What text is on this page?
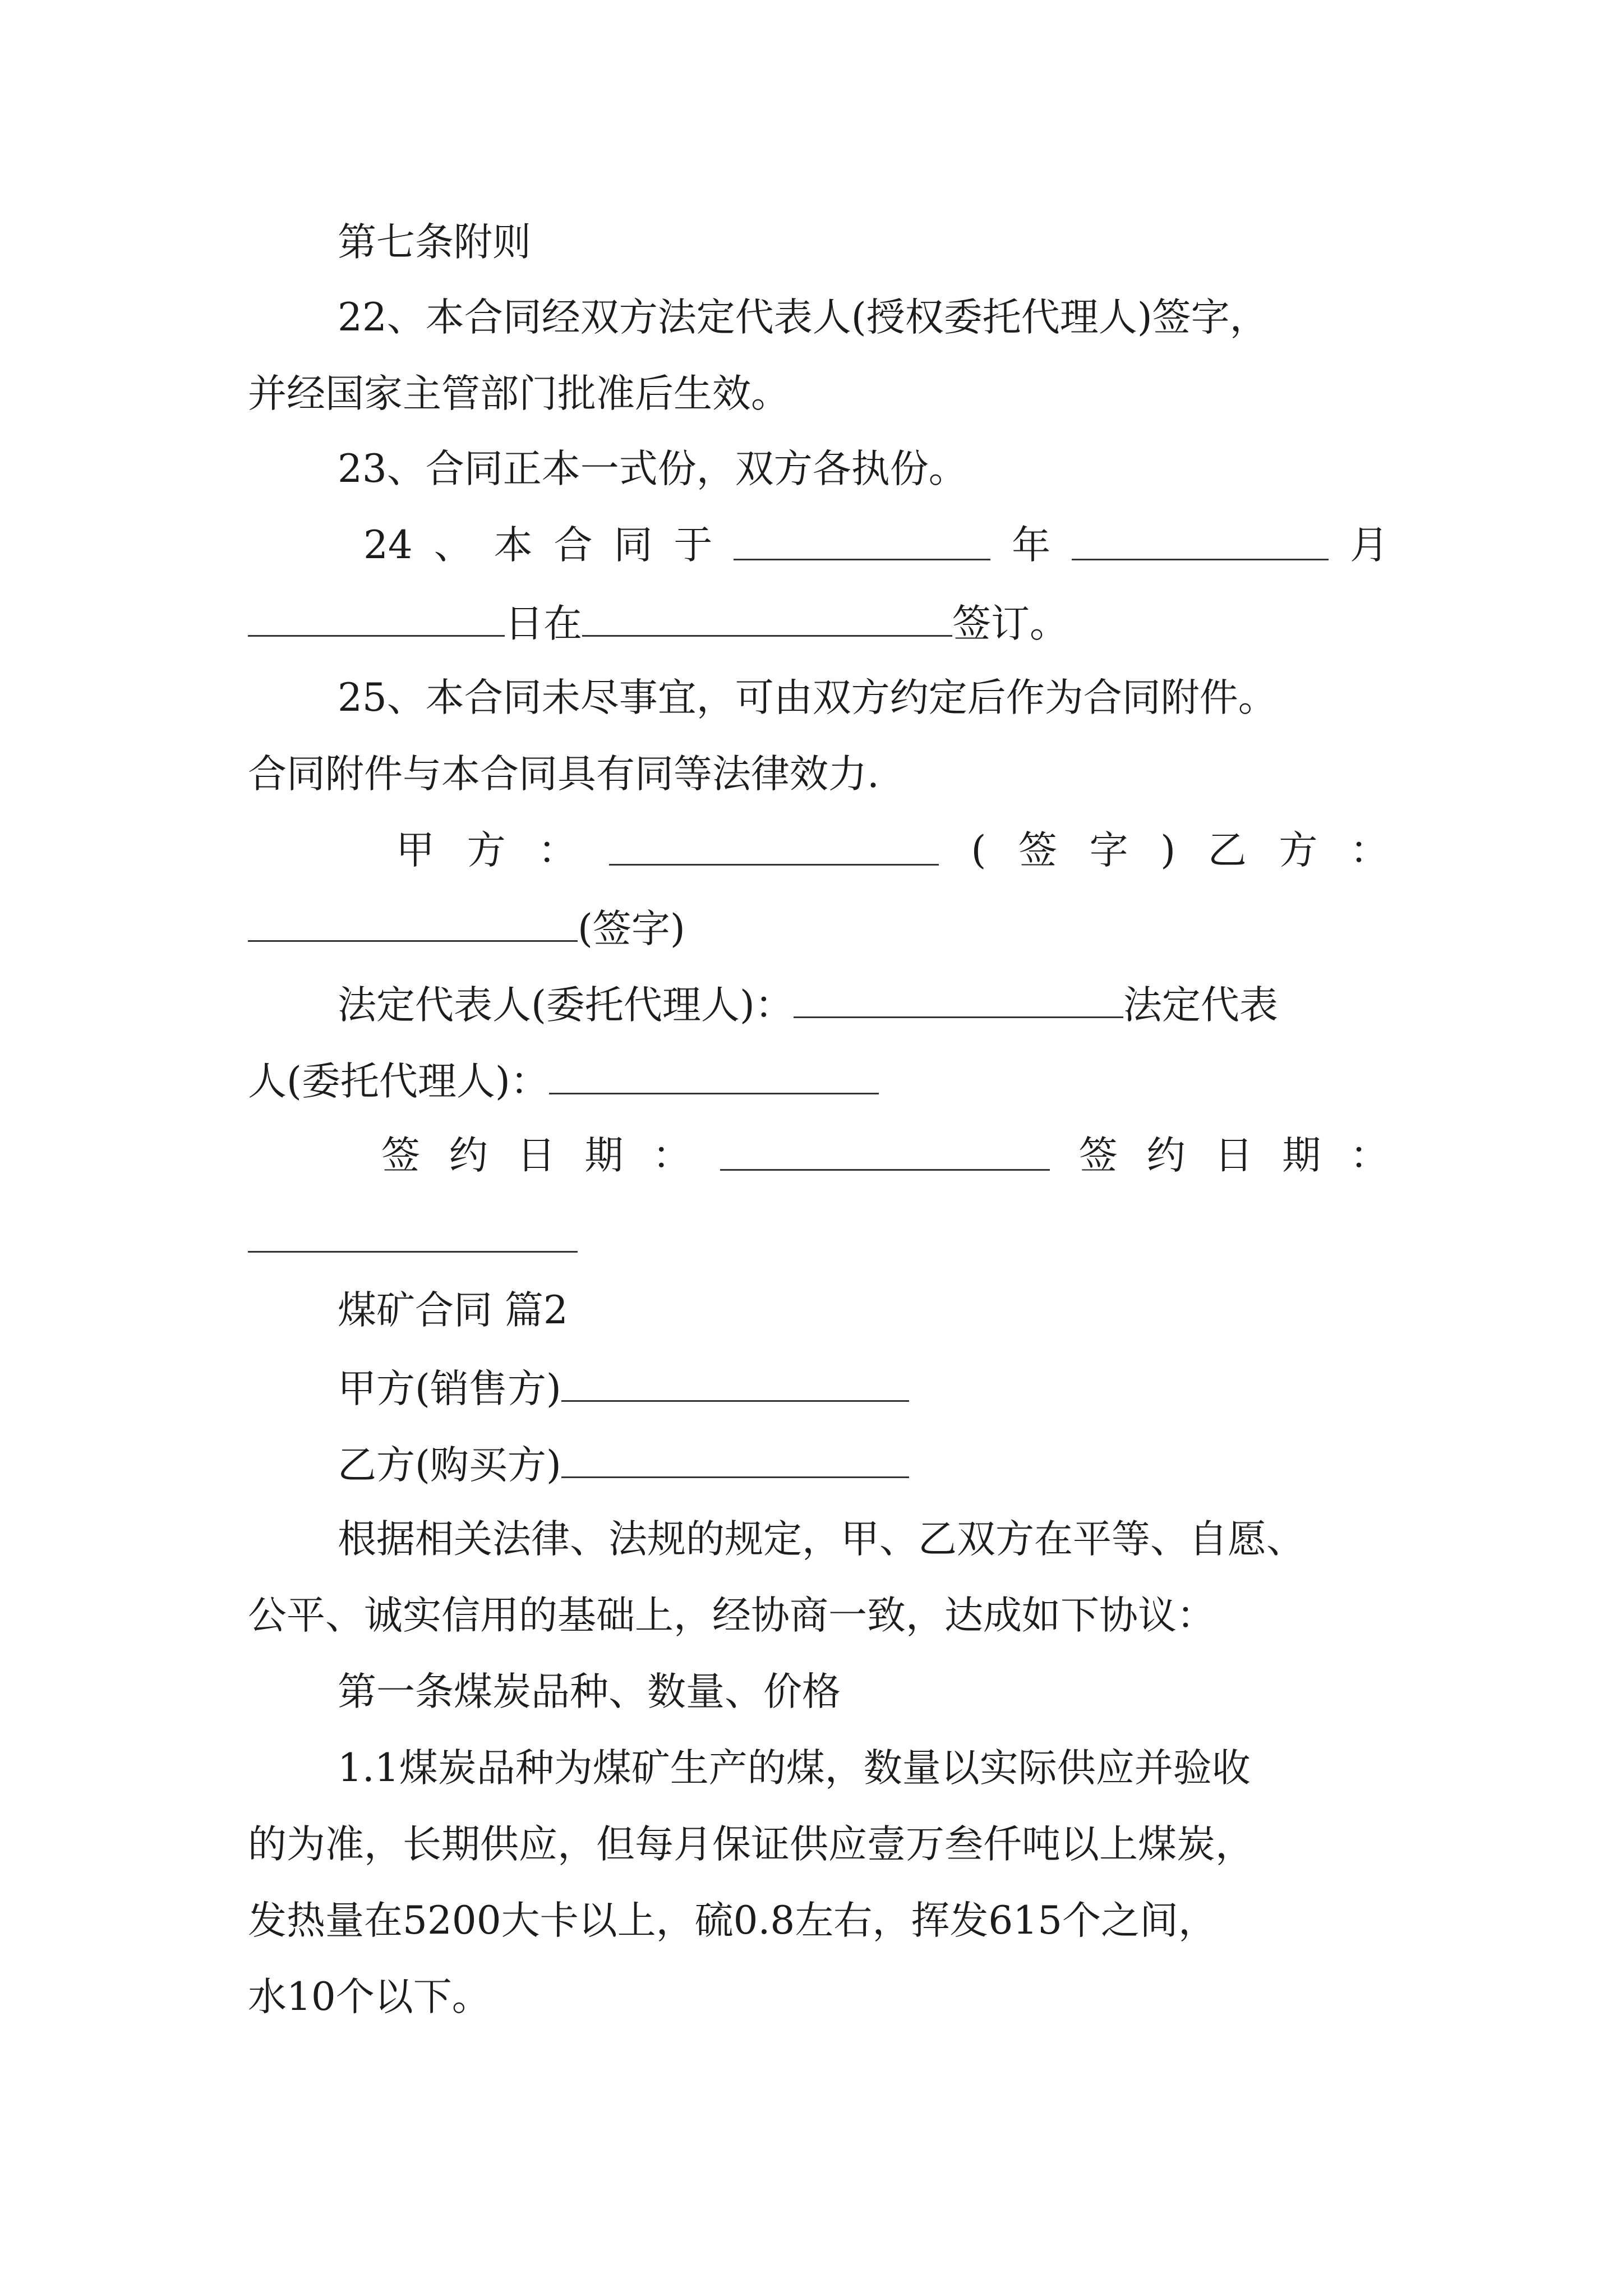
第七条附则
22、本合同经双方法定代表人(授权委托代理人)签字，
并经国家主管部门批准后生效。
23、合同正本一式份，双方各执份。
24 、 本 合 同 于	年	月
日在	签订。
25、本合同未尽事宜，可由双方约定后作为合同附件。
合同附件与本合同具有同等法律效力.
甲 方 ：	( 签 字 ) 乙 方 ：
(签字)
法定代表人(委托代理人)：	法定代表
人(委托代理人)：
签 约 日 期 ：	签 约 日 期 ：
煤矿合同 篇2
甲方(销售方)
乙方(购买方)
根据相关法律、法规的规定，甲、乙双方在平等、自愿、
公平、诚实信用的基础上，经协商一致，达成如下协议：
第一条煤炭品种、数量、价格
1.1煤炭品种为煤矿生产的煤，数量以实际供应并验收
的为准，长期供应，但每月保证供应壹万叁仟吨以上煤炭，
发热量在5200大卡以上，硫0.8左右，挥发615个之间，
水10个以下。
